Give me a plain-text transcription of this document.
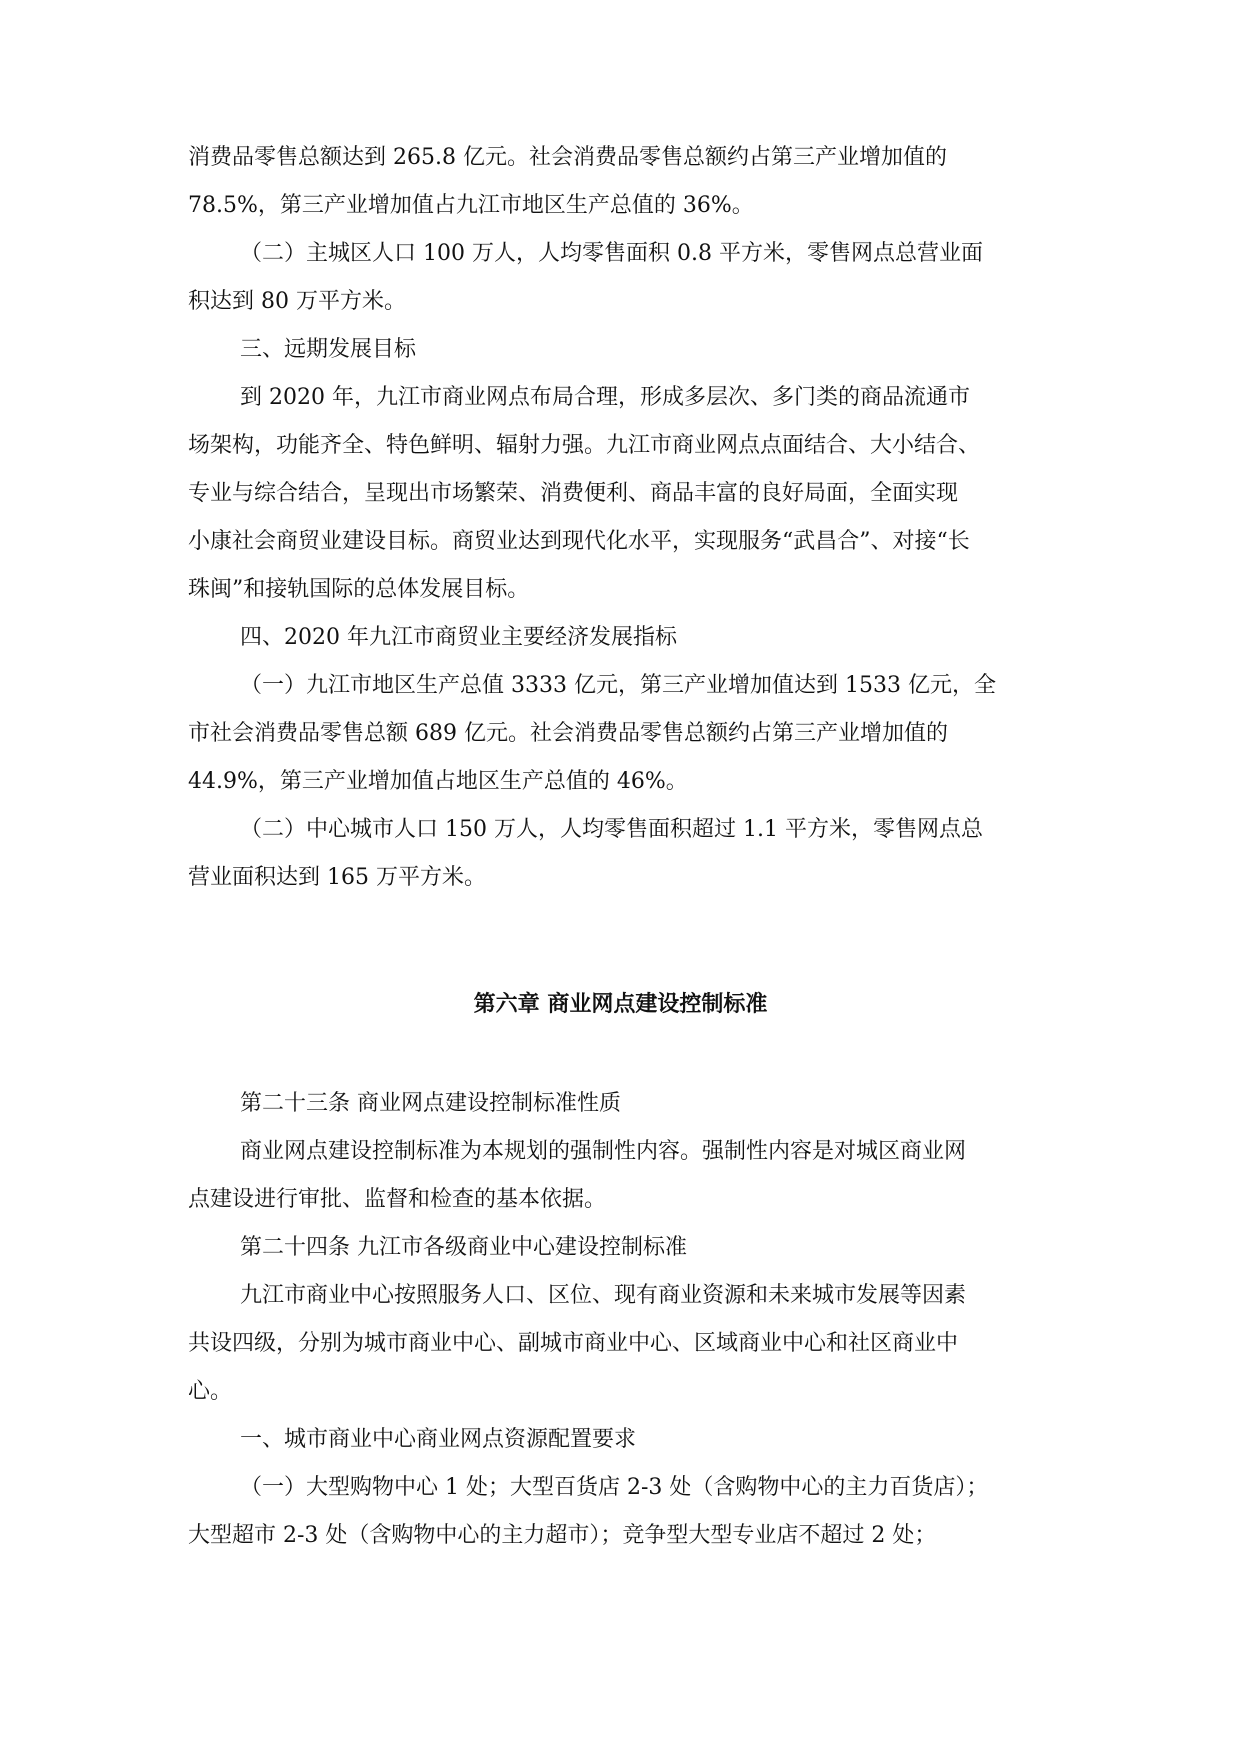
消费品零售总额达到 265.8 亿元。社会消费品零售总额约占第三产业增加值的

78.5%，第三产业增加值占九江市地区生产总值的 36%。

（二）主城区人口 100 万人，人均零售面积 0.8 平方米，零售网点总营业面

积达到 80 万平方米。

三、远期发展目标

到 2020 年，九江市商业网点布局合理，形成多层次、多门类的商品流通市

场架构，功能齐全、特色鲜明、辐射力强。九江市商业网点点面结合、大小结合、

专业与综合结合，呈现出市场繁荣、消费便利、商品丰富的良好局面，全面实现

小康社会商贸业建设目标。商贸业达到现代化水平，实现服务“武昌合”、对接“长

珠闽”和接轨国际的总体发展目标。

四、2020 年九江市商贸业主要经济发展指标

（一）九江市地区生产总值 3333 亿元，第三产业增加值达到 1533 亿元，全

市社会消费品零售总额 689 亿元。社会消费品零售总额约占第三产业增加值的

44.9%，第三产业增加值占地区生产总值的 46%。

（二）中心城市人口 150 万人，人均零售面积超过 1.1 平方米，零售网点总

营业面积达到 165 万平方米。

第六章 商业网点建设控制标准

第二十三条 商业网点建设控制标准性质

商业网点建设控制标准为本规划的强制性内容。强制性内容是对城区商业网

点建设进行审批、监督和检查的基本依据。

第二十四条 九江市各级商业中心建设控制标准

九江市商业中心按照服务人口、区位、现有商业资源和未来城市发展等因素

共设四级，分别为城市商业中心、副城市商业中心、区域商业中心和社区商业中

心。

一、城市商业中心商业网点资源配置要求

（一）大型购物中心 1 处；大型百货店 2-3 处（含购物中心的主力百货店）；

大型超市 2-3 处（含购物中心的主力超市）；竞争型大型专业店不超过 2 处；
